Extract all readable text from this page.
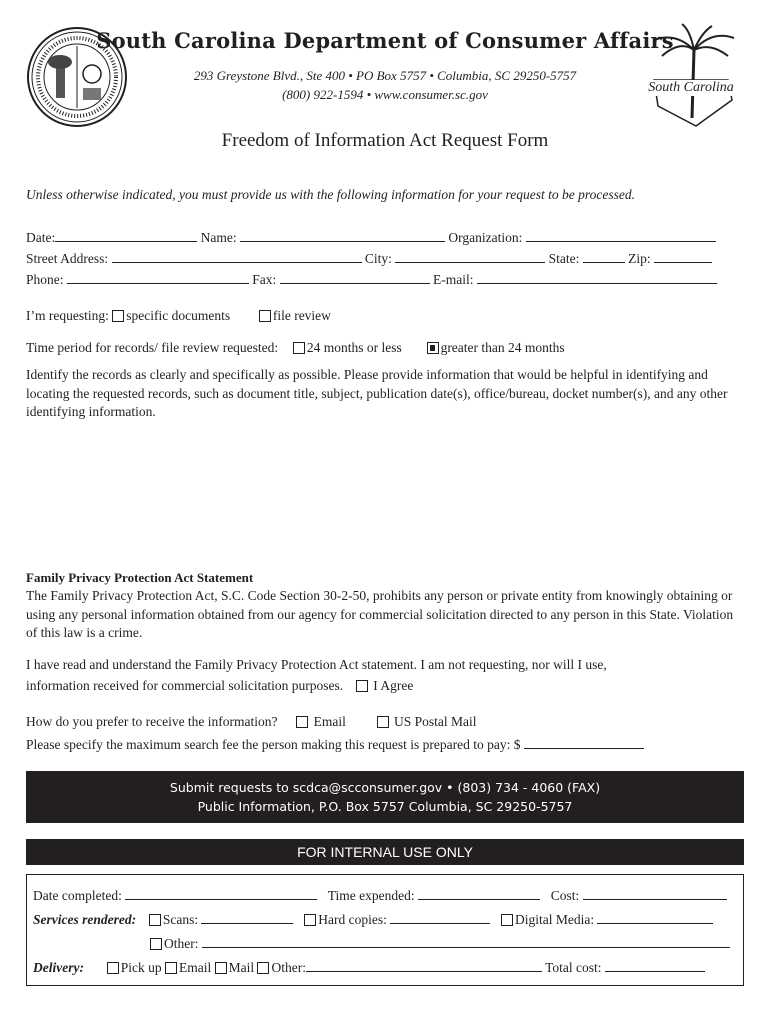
South Carolina Department of Consumer Affairs
293 Greystone Blvd., Ste 400 • PO Box 5757 • Columbia, SC 29250-5757
(800) 922-1594 • www.consumer.sc.gov	South Carolina
Freedom of Information Act Request Form
Unless otherwise indicated, you must provide us with the following information for your request to be processed.
Date:	Name:	Organization:
Street Address:	City:	State:	Zip:
Phone:	Fax:	E-mail:
I’m requesting: specific documents	file review
Time period for records/ file review requested: 24 months or less	greater than 24 months
Identify the records as clearly and specifically as possible. Please provide information that would be helpful in identifying and locating the requested records, such as document title, subject, publication date(s), office/bureau, docket number(s), and any other identifying information.
Family Privacy Protection Act Statement
The Family Privacy Protection Act, S.C. Code Section 30-2-50, prohibits any person or private entity from knowingly obtaining or using any personal information obtained from our agency for commercial solicitation directed to any person in this State. Violation of this law is a crime.
I have read and understand the Family Privacy Protection Act statement. I am not requesting, nor will I use,
information received for commercial solicitation purposes. I Agree
How do you prefer to receive the information?	Email	US Postal Mail
Please specify the maximum search fee the person making this request is prepared to pay: $
Submit requests to scdca@scconsumer.gov • (803) 734 - 4060 (FAX)
Public Information, P.O. Box 5757 Columbia, SC 29250-5757
FOR INTERNAL USE ONLY
Date completed:	Time expended:	Cost:
Services rendered: Scans:	Hard copies:	Digital Media:
Other:
Delivery:	Pick up Email Mail Other:	Total cost:
